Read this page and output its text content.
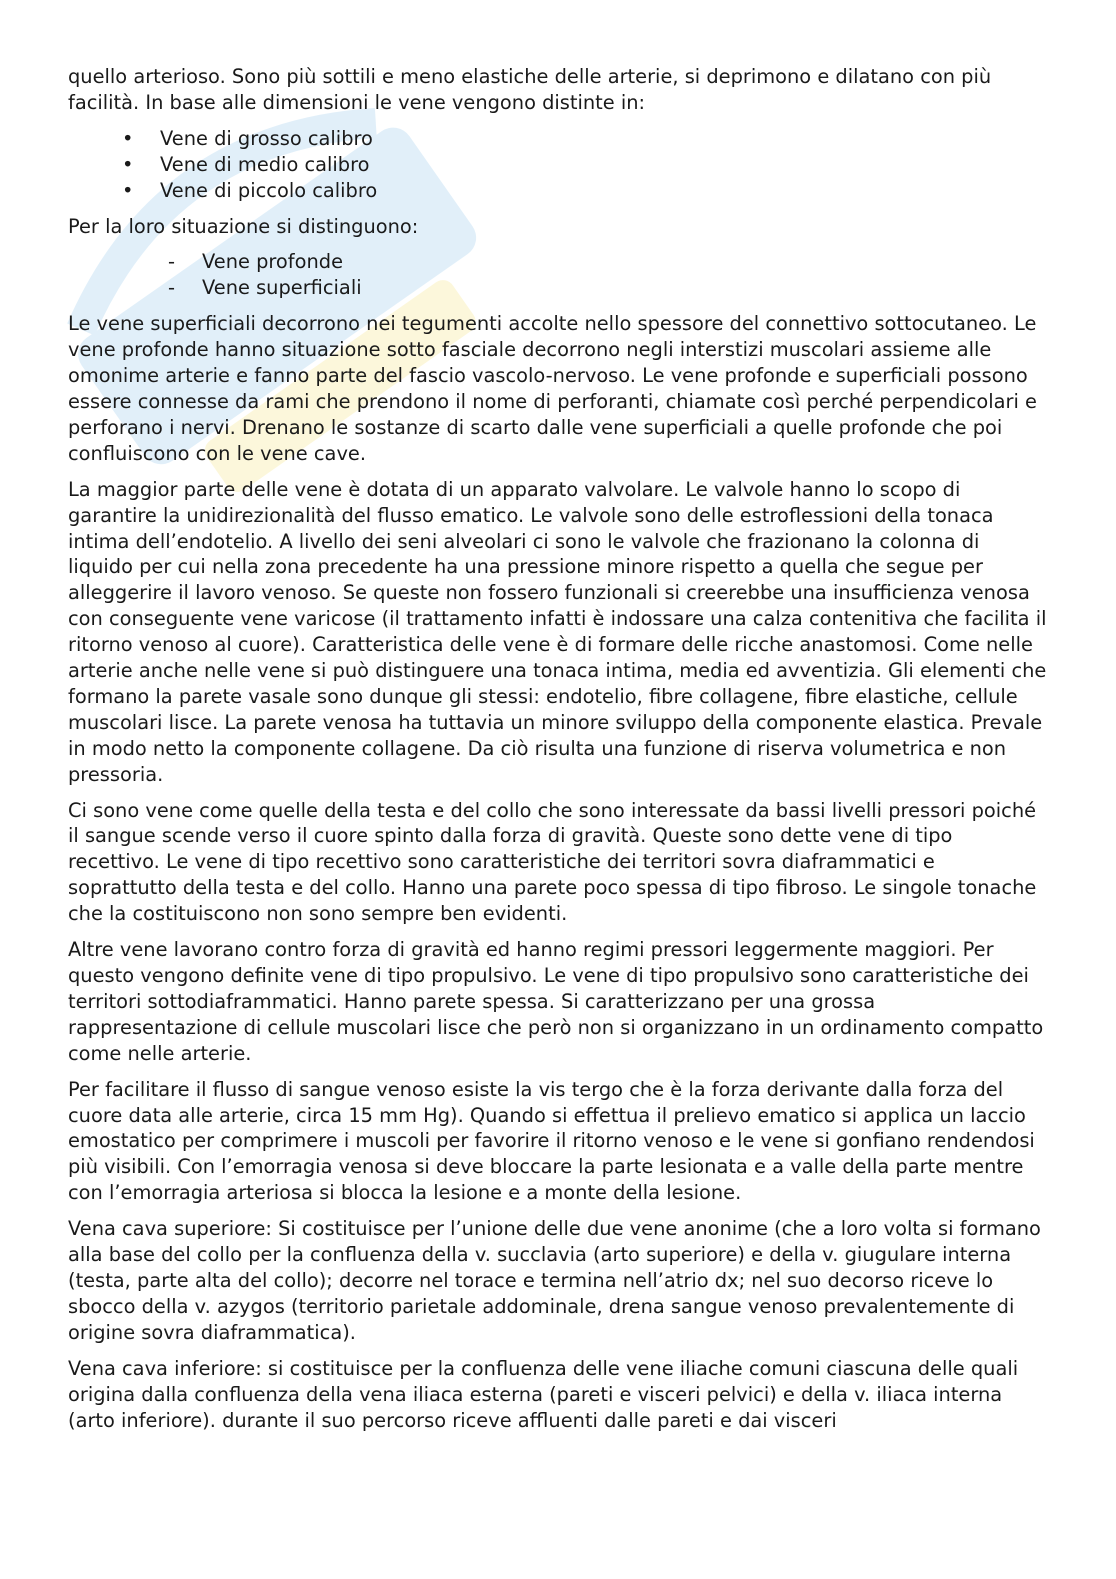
quello arterioso. Sono più sottili e meno elastiche delle arterie, si deprimono e dilatano con più facilità. In base alle dimensioni le vene vengono distinte in:

• Vene di grosso calibro
• Vene di medio calibro
• Vene di piccolo calibro

Per la loro situazione si distinguono:

- Vene profonde
- Vene superficiali

Le vene superficiali decorrono nei tegumenti accolte nello spessore del connettivo sottocutaneo. Le vene profonde hanno situazione sotto fasciale decorrono negli interstizi muscolari assieme alle omonime arterie e fanno parte del fascio vascolo-nervoso. Le vene profonde e superficiali possono essere connesse da rami che prendono il nome di perforanti, chiamate così perché perpendicolari e perforano i nervi. Drenano le sostanze di scarto dalle vene superficiali a quelle profonde che poi confluiscono con le vene cave.

La maggior parte delle vene è dotata di un apparato valvolare. Le valvole hanno lo scopo di garantire la unidirezionalità del flusso ematico. Le valvole sono delle estroflessioni della tonaca intima dell’endotelio. A livello dei seni alveolari ci sono le valvole che frazionano la colonna di liquido per cui nella zona precedente ha una pressione minore rispetto a quella che segue per alleggerire il lavoro venoso. Se queste non fossero funzionali si creerebbe una insufficienza venosa con conseguente vene varicose (il trattamento infatti è indossare una calza contenitiva che facilita il ritorno venoso al cuore). Caratteristica delle vene è di formare delle ricche anastomosi. Come nelle arterie anche nelle vene si può distinguere una tonaca intima, media ed avventizia. Gli elementi che formano la parete vasale sono dunque gli stessi: endotelio, fibre collagene, fibre elastiche, cellule muscolari lisce. La parete venosa ha tuttavia un minore sviluppo della componente elastica. Prevale in modo netto la componente collagene. Da ciò risulta una funzione di riserva volumetrica e non pressoria.

Ci sono vene come quelle della testa e del collo che sono interessate da bassi livelli pressori poiché il sangue scende verso il cuore spinto dalla forza di gravità. Queste sono dette vene di tipo recettivo. Le vene di tipo recettivo sono caratteristiche dei territori sovra diaframmatici e soprattutto della testa e del collo. Hanno una parete poco spessa di tipo fibroso. Le singole tonache che la costituiscono non sono sempre ben evidenti.

Altre vene lavorano contro forza di gravità ed hanno regimi pressori leggermente maggiori. Per questo vengono definite vene di tipo propulsivo. Le vene di tipo propulsivo sono caratteristiche dei territori sottodiaframmatici. Hanno parete spessa. Si caratterizzano per una grossa rappresentazione di cellule muscolari lisce che però non si organizzano in un ordinamento compatto come nelle arterie.

Per facilitare il flusso di sangue venoso esiste la vis tergo che è la forza derivante dalla forza del cuore data alle arterie, circa 15 mm Hg). Quando si effettua il prelievo ematico si applica un laccio emostatico per comprimere i muscoli per favorire il ritorno venoso e le vene si gonfiano rendendosi più visibili. Con l’emorragia venosa si deve bloccare la parte lesionata e a valle della parte mentre con l’emorragia arteriosa si blocca la lesione e a monte della lesione.

Vena cava superiore: Si costituisce per l’unione delle due vene anonime (che a loro volta si formano alla base del collo per la confluenza della v. succlavia (arto superiore) e della v. giugulare interna (testa, parte alta del collo); decorre nel torace e termina nell’atrio dx; nel suo decorso riceve lo sbocco della v. azygos (territorio parietale addominale, drena sangue venoso prevalentemente di origine sovra diaframmatica).

Vena cava inferiore: si costituisce per la confluenza delle vene iliache comuni ciascuna delle quali origina dalla confluenza della vena iliaca esterna (pareti e visceri pelvici) e della v. iliaca interna (arto inferiore). durante il suo percorso riceve affluenti dalle pareti e dai visceri
